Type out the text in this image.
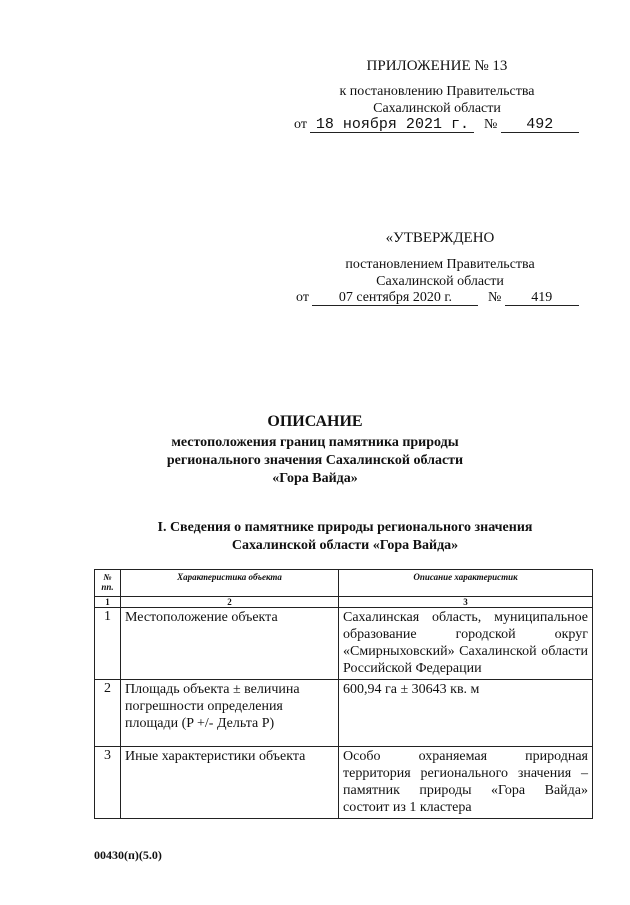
ПРИЛОЖЕНИЕ № 13
к постановлению Правительства
Сахалинской области
от 18 ноября 2021 г. № 492
«УТВЕРЖДЕНО
постановлением Правительства
Сахалинской области
от 07 сентября 2020 г.	№ 419
ОПИСАНИЕ
местоположения границ памятника природы
регионального значения Сахалинской области
«Гора Вайда»
I. Сведения о памятнике природы регионального значения
Сахалинской области «Гора Вайда»
№ пп.	Характеристика объекта	Описание характеристик
1	2	3
1	Местоположение объекта	Сахалинская область, муниципальное образование городской округ «Смирныховский» Сахалинской области Российской Федерации
2	Площадь объекта ± величина погрешности определения площади (P +/- Дельта P)	600,94 га ± 30643 кв. м
3	Иные характеристики объекта	Особо охраняемая природная территория регионального значения – памятник природы «Гора Вайда» состоит из 1 кластера
00430(п)(5.0)
